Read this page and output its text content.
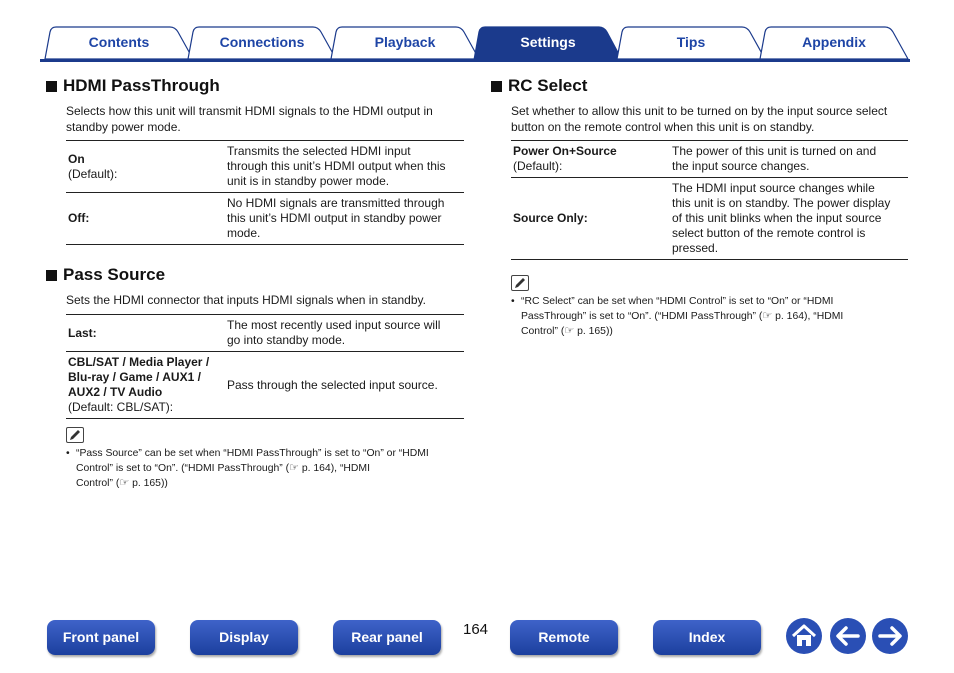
Contents	Connections	Playback	Settings	Tips	Appendix
HDMI PassThrough
Selects how this unit will transmit HDMI signals to the HDMI output in
standby power mode.
On
(Default):	Transmits the selected HDMI input
through this unit’s HDMI output when this
unit is in standby power mode.

Off:	No HDMI signals are transmitted through
this unit’s HDMI output in standby power
mode.
Pass Source
Sets the HDMI connector that inputs HDMI signals when in standby.
Last:	The most recently used input source will
go into standby mode.

CBL/SAT / Media Player /
Blu-ray / Game / AUX1 /
AUX2 / TV Audio
(Default: CBL/SAT):	Pass through the selected input source.
• “Pass Source” can be set when “HDMI PassThrough” is set to “On” or “HDMI
Control” is set to “On”. (“HDMI PassThrough” (☞ p. 164), “HDMI
Control” (☞ p. 165))
RC Select
Set whether to allow this unit to be turned on by the input source select
button on the remote control when this unit is on standby.
Power On+Source
(Default):	The power of this unit is turned on and
the input source changes.

Source Only:	The HDMI input source changes while
this unit is on standby. The power display
of this unit blinks when the input source
select button of the remote control is
pressed.
• “RC Select” can be set when “HDMI Control” is set to “On” or “HDMI
PassThrough” is set to “On”. (“HDMI PassThrough” (☞ p. 164), “HDMI
Control” (☞ p. 165))
Front panel	Display	Rear panel	164	Remote	Index
